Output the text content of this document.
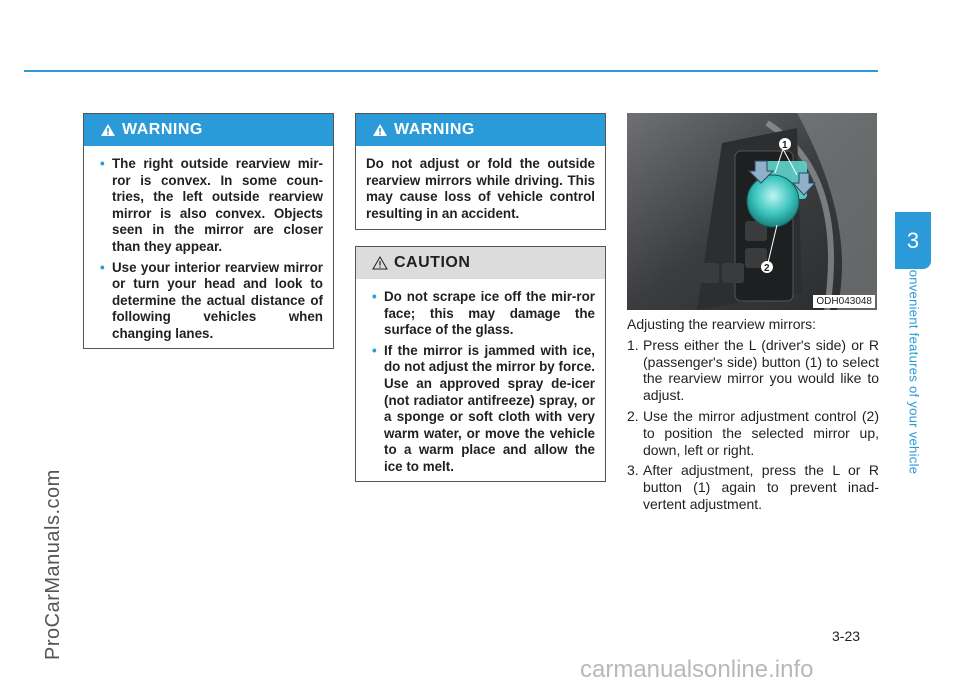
3
Convenient features of your vehicle
ProCarManuals.com
WARNING
• The right outside rearview mir-ror is convex. In some coun-tries, the left outside rearview mirror is also convex. Objects seen in the mirror are closer than they appear.
• Use your interior rearview mirror or turn your head and look to determine the actual distance of following vehicles when changing lanes.
WARNING
Do not adjust or fold the outside rearview mirrors while driving. This may cause loss of vehicle control resulting in an accident.
CAUTION
• Do not scrape ice off the mir-ror face; this may damage the surface of the glass.
• If the mirror is jammed with ice, do not adjust the mirror by force. Use an approved spray de-icer (not radiator antifreeze) spray, or a sponge or soft cloth with very warm water, or move the vehicle to a warm place and allow the ice to melt.
1
2
ODH043048

Adjusting the rearview mirrors:

1. Press either the L (driver's side) or R (passenger's side) button (1) to select the rearview mirror you would like to adjust.
2. Use the mirror adjustment control (2) to position the selected mirror up, down, left or right.
3. After adjustment, press the L or R button (1) again to prevent inad-vertent adjustment.
3-23
carmanualsonline.info
